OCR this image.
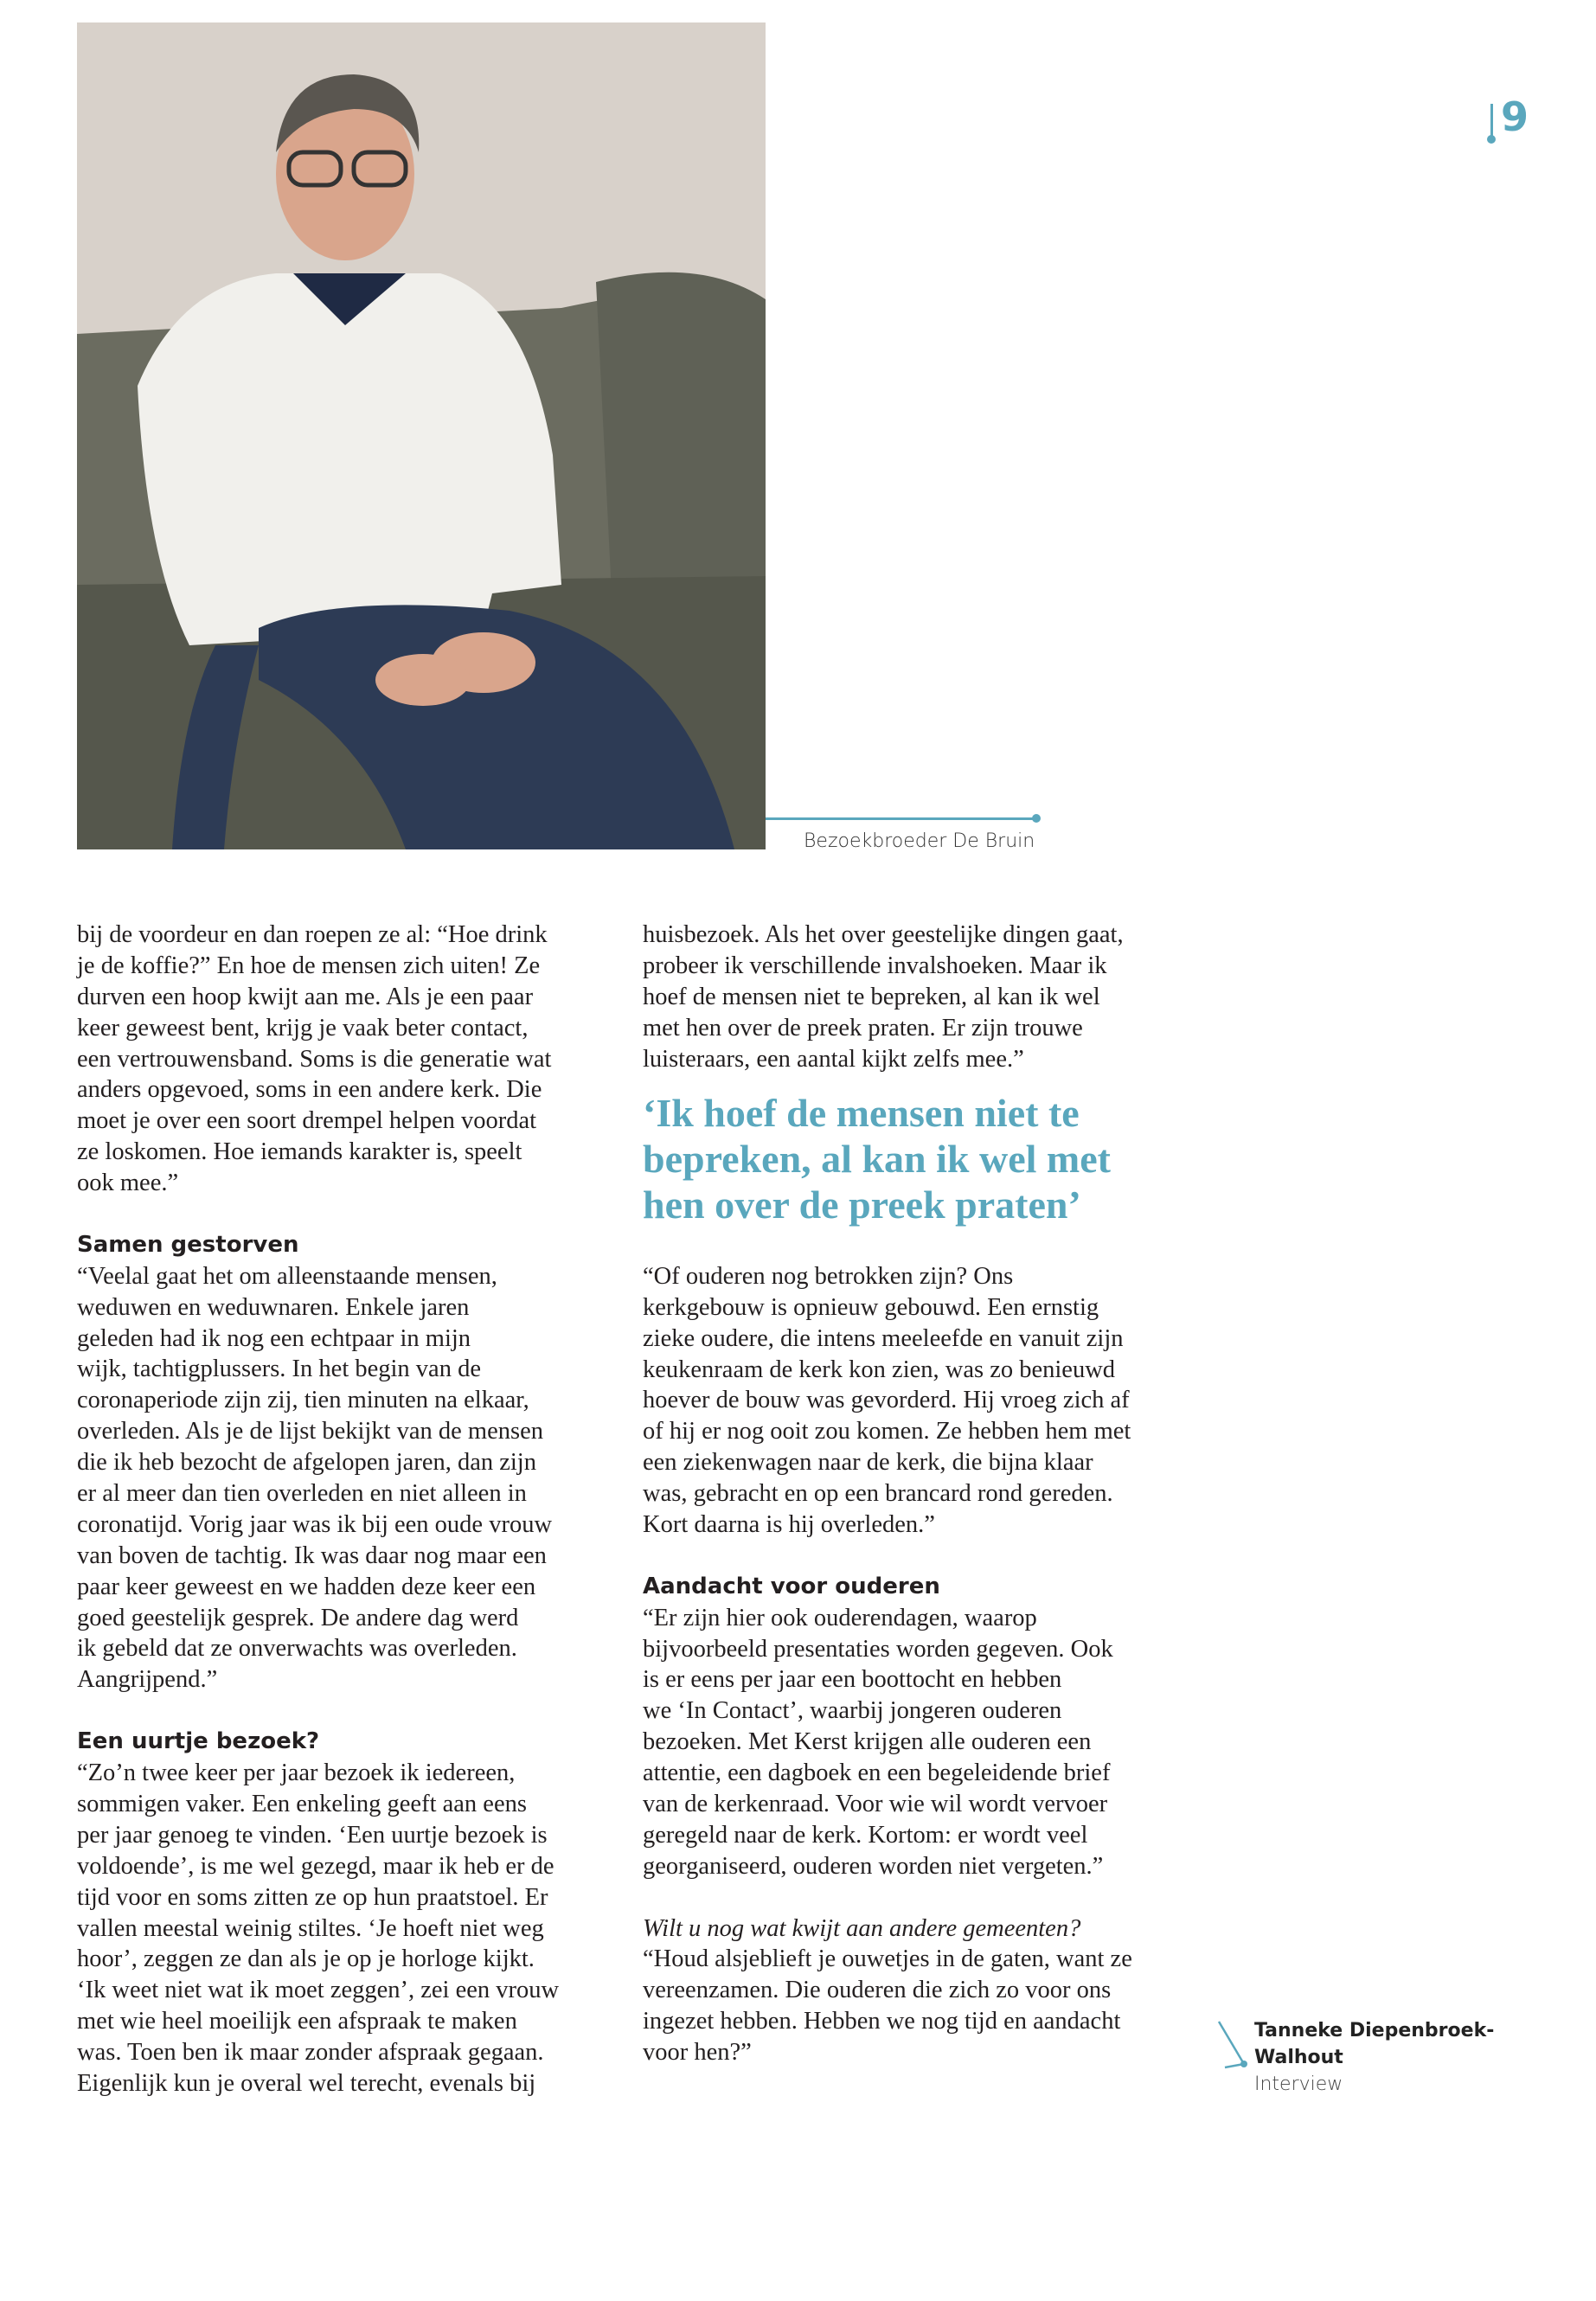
Bezoekbroeder De Bruin
9
bij de voordeur en dan roepen ze al: “Hoe drink
je de koffie?” En hoe de mensen zich uiten! Ze
durven een hoop kwijt aan me. Als je een paar
keer geweest bent, krijg je vaak beter contact,
een vertrouwensband. Soms is die generatie wat
anders opgevoed, soms in een andere kerk. Die
moet je over een soort drempel helpen voordat
ze loskomen. Hoe iemands karakter is, speelt
ook mee.”
Samen gestorven
“Veelal gaat het om alleenstaande mensen,
weduwen en weduwnaren. Enkele jaren
geleden had ik nog een echtpaar in mijn
wijk, tachtigplussers. In het begin van de
coronaperiode zijn zij, tien minuten na elkaar,
overleden. Als je de lijst bekijkt van de mensen
die ik heb bezocht de afgelopen jaren, dan zijn
er al meer dan tien overleden en niet alleen in
coronatijd. Vorig jaar was ik bij een oude vrouw
van boven de tachtig. Ik was daar nog maar een
paar keer geweest en we hadden deze keer een
goed geestelijk gesprek. De andere dag werd
ik gebeld dat ze onverwachts was overleden.
Aangrijpend.”
Een uurtje bezoek?
“Zo’n twee keer per jaar bezoek ik iedereen,
sommigen vaker. Een enkeling geeft aan eens
per jaar genoeg te vinden. ‘Een uurtje bezoek is
voldoende’, is me wel gezegd, maar ik heb er de
tijd voor en soms zitten ze op hun praatstoel. Er
vallen meestal weinig stiltes. ‘Je hoeft niet weg
hoor’, zeggen ze dan als je op je horloge kijkt.
‘Ik weet niet wat ik moet zeggen’, zei een vrouw
met wie heel moeilijk een afspraak te maken
was. Toen ben ik maar zonder afspraak gegaan.
Eigenlijk kun je overal wel terecht, evenals bij
huisbezoek. Als het over geestelijke dingen gaat,
probeer ik verschillende invalshoeken. Maar ik
hoef de mensen niet te bepreken, al kan ik wel
met hen over de preek praten. Er zijn trouwe
luisteraars, een aantal kijkt zelfs mee.”
‘Ik hoef de mensen niet te
bepreken, al kan ik wel met
hen over de preek praten’
“Of ouderen nog betrokken zijn? Ons
kerkgebouw is opnieuw gebouwd. Een ernstig
zieke oudere, die intens meeleefde en vanuit zijn
keukenraam de kerk kon zien, was zo benieuwd
hoever de bouw was gevorderd. Hij vroeg zich af
of hij er nog ooit zou komen. Ze hebben hem met
een ziekenwagen naar de kerk, die bijna klaar
was, gebracht en op een brancard rond gereden.
Kort daarna is hij overleden.”
Aandacht voor ouderen
“Er zijn hier ook ouderendagen, waarop
bijvoorbeeld presentaties worden gegeven. Ook
is er eens per jaar een boottocht en hebben
we ‘In Contact’, waarbij jongeren ouderen
bezoeken. Met Kerst krijgen alle ouderen een
attentie, een dagboek en een begeleidende brief
van de kerkenraad. Voor wie wil wordt vervoer
geregeld naar de kerk. Kortom: er wordt veel
georganiseerd, ouderen worden niet vergeten.”
Wilt u nog wat kwijt aan andere gemeenten?
“Houd alsjeblieft je ouwetjes in de gaten, want ze
vereenzamen. Die ouderen die zich zo voor ons
ingezet hebben. Hebben we nog tijd en aandacht
voor hen?”
Tanneke Diepenbroek-
Walhout
Interview
